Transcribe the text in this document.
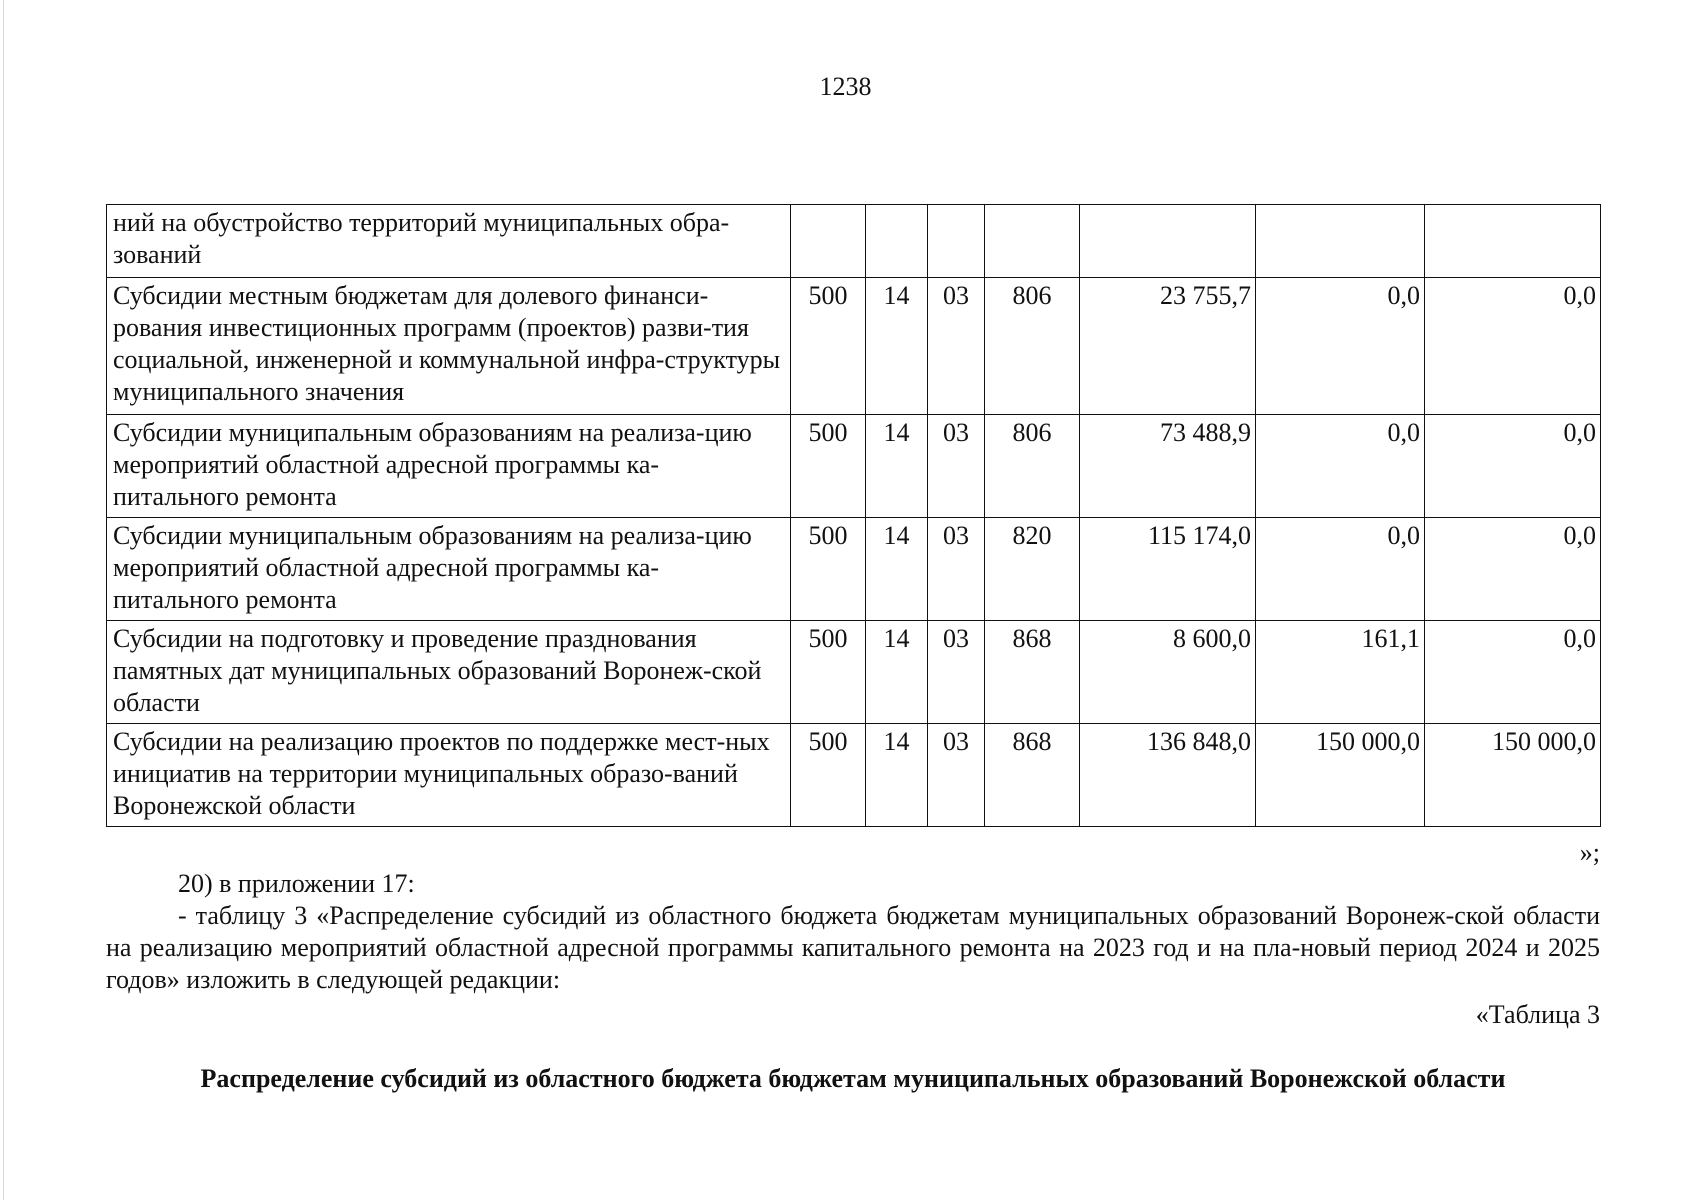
1238
ний на обустройство территорий муниципальных обра-зований							
Субсидии местным бюджетам для долевого финанси-рования инвестиционных программ (проектов) разви-тия социальной, инженерной и коммунальной инфра-структуры муниципального значения	500	14	03	806	23 755,7	0,0	0,0
Субсидии муниципальным образованиям на реализа-цию мероприятий областной адресной программы ка-питального ремонта	500	14	03	806	73 488,9	0,0	0,0
Субсидии муниципальным образованиям на реализа-цию мероприятий областной адресной программы ка-питального ремонта	500	14	03	820	115 174,0	0,0	0,0
Субсидии на подготовку и проведение празднования памятных дат муниципальных образований Воронеж-ской области	500	14	03	868	8 600,0	161,1	0,0
Субсидии на реализацию проектов по поддержке мест-ных инициатив на территории муниципальных образо-ваний Воронежской области	500	14	03	868	136 848,0	150 000,0	150 000,0
»;
20) в приложении 17:
- таблицу 3 «Распределение субсидий из областного бюджета бюджетам муниципальных образований Воронеж-ской области на реализацию мероприятий областной адресной программы капитального ремонта на 2023 год и на пла-новый период 2024 и 2025 годов» изложить в следующей редакции:
«Таблица 3
Распределение субсидий из областного бюджета бюджетам муниципальных образований Воронежской области
